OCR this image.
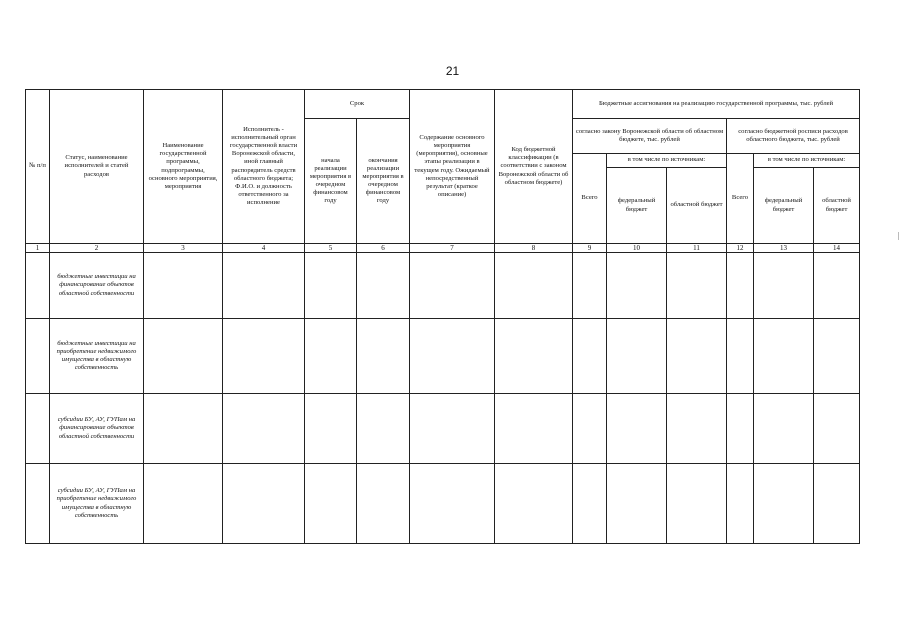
21
№ п/п	Статус, наименование исполнителей и статей расходов	Наименование государственной программы, подпрограммы, основного мероприятия, мероприятия	Исполнитель - исполнительный орган государственной власти Воронежской области, иной главный распорядитель средств областного бюджета; Ф.И.О. и должность ответственного за исполнение	Срок		Содержание основного мероприятия (мероприятия), основные этапы реализации в текущем году. Ожидаемый непосредственный результат (краткое описание)	Код бюджетной классификации (в соответствии с законом Воронежской области об областном бюджете)	Бюджетные ассигнования на реализацию государственной программы, тыс. рублей					
				начала реализации мероприятия в очередном финансовом году	окончания реализации мероприятия в очередном финансовом году			согласно закону Воронежской области об областном бюджете, тыс. рублей			согласно бюджетной росписи расходов областного бюджета, тыс. рублей		
								Всего	в том числе по источникам:		Всего	в том числе по источникам:	
									федеральный бюджет	областной бюджет		федеральный бюджет	областной бюджет
1	2	3	4	5	6	7	8	9	10	11	12	13	14
	бюджетные инвестиции на финансирование объектов областной собственности												
	бюджетные инвестиции на приобретение недвижимого имущества в областную собственность												
	субсидии БУ, АУ, ГУПам на финансирование объектов областной собственности												
	субсидии БУ, АУ, ГУПам на приобретение недвижимого имущества в областную собственность												
